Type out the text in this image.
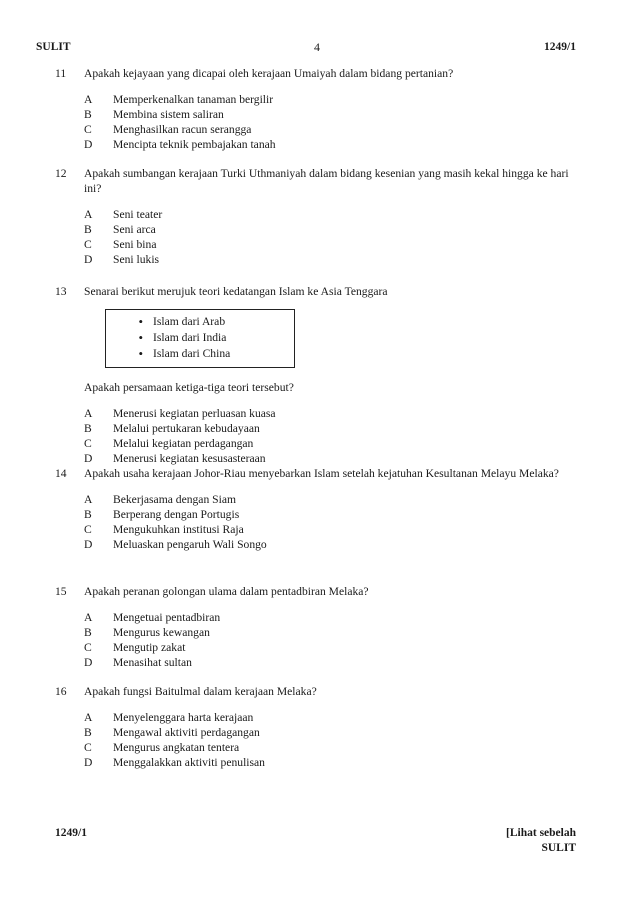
SULIT	4	1249/1
11 Apakah kejayaan yang dicapai oleh kerajaan Umaiyah dalam bidang pertanian?
A	Memperkenalkan tanaman bergilir
B	Membina sistem saliran
C	Menghasilkan racun serangga
D	Mencipta teknik pembajakan tanah
12 Apakah sumbangan kerajaan Turki Uthmaniyah dalam bidang kesenian yang masih kekal hingga ke hari ini?
A	Seni teater
B	Seni arca
C	Seni bina
D	Seni lukis
13 Senarai berikut merujuk teori kedatangan Islam ke Asia Tenggara
• Islam dari Arab
• Islam dari India
• Islam dari China
Apakah persamaan ketiga-tiga teori tersebut?
A	Menerusi kegiatan perluasan kuasa
B	Melalui pertukaran kebudayaan
C	Melalui kegiatan perdagangan
D	Menerusi kegiatan kesusasteraan
14 Apakah usaha kerajaan Johor-Riau menyebarkan Islam setelah kejatuhan Kesultanan Melayu Melaka?
A	Bekerjasama dengan Siam
B	Berperang dengan Portugis
C	Mengukuhkan institusi Raja
D	Meluaskan pengaruh Wali Songo
15 Apakah peranan golongan ulama dalam pentadbiran Melaka?
A	Mengetuai pentadbiran
B	Mengurus kewangan
C	Mengutip zakat
D	Menasihat sultan
16 Apakah fungsi Baitulmal dalam kerajaan Melaka?
A	Menyelenggara harta kerajaan
B	Mengawal aktiviti perdagangan
C	Mengurus angkatan tentera
D	Menggalakkan aktiviti penulisan
1249/1	[Lihat sebelah
SULIT
